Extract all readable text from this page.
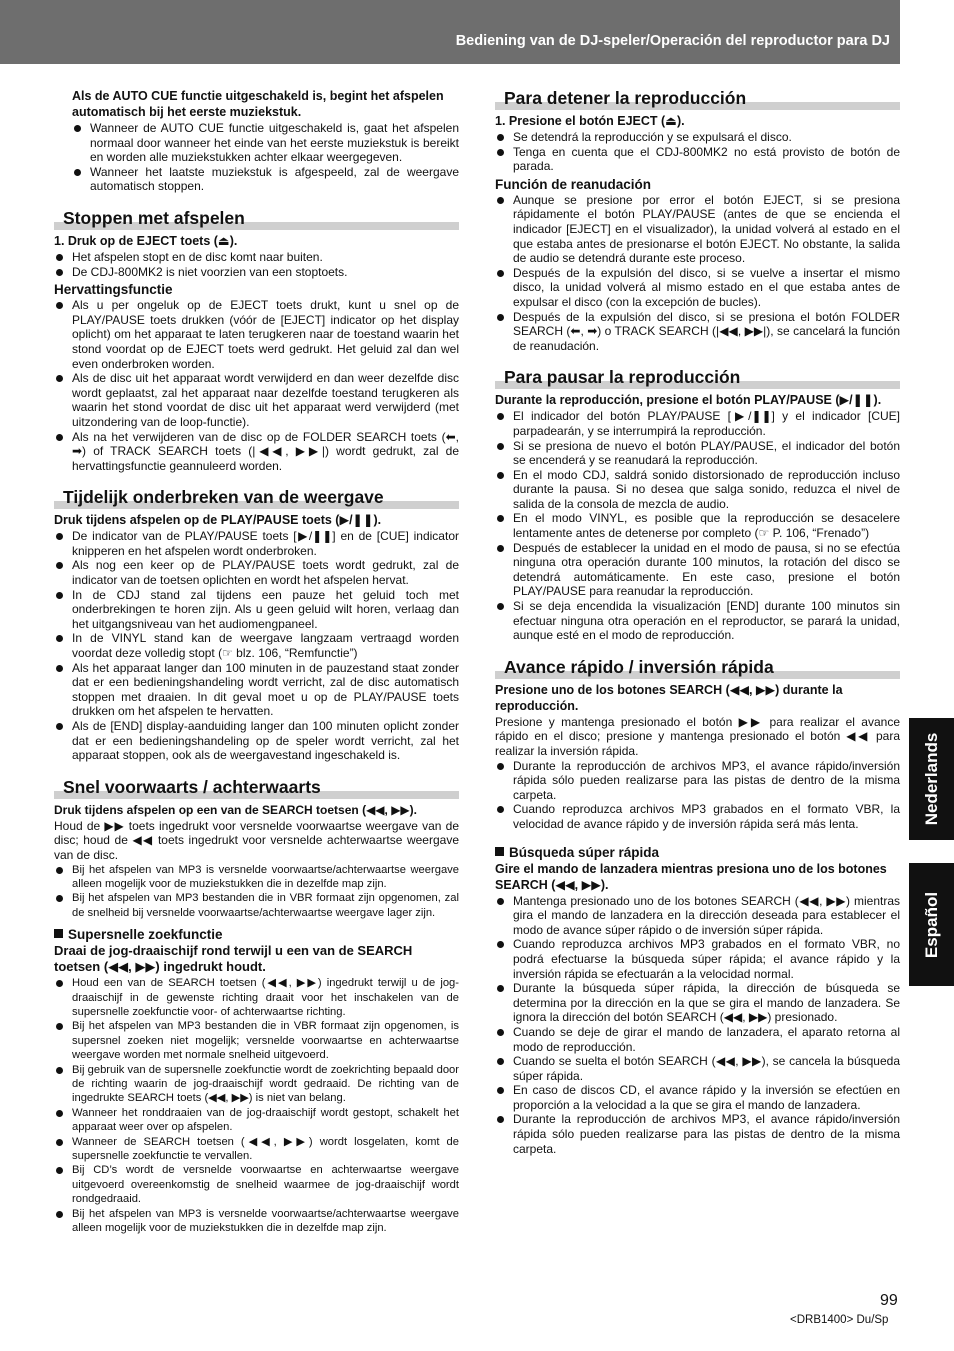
Bediening van de DJ-speler/Operación del reproductor para DJ
Als de AUTO CUE functie uitgeschakeld is, begint het afspelen automatisch bij het eerste muziekstuk.
Wanneer de AUTO CUE functie uitgeschakeld is, gaat het afspelen normaal door wanneer het einde van het eerste muziekstuk is bereikt en worden alle muziekstukken achter elkaar weergegeven.
Wanneer het laatste muziekstuk is afgespeeld, zal de weergave automatisch stoppen.
Stoppen met afspelen
1. Druk op de EJECT toets (⏏).
Het afspelen stopt en de disc komt naar buiten.
De CDJ-800MK2 is niet voorzien van een stoptoets.
Hervattingsfunctie
Als u per ongeluk op de EJECT toets drukt, kunt u snel op de PLAY/PAUSE toets drukken (vóór de [EJECT] indicator op het display oplicht) om het apparaat te laten terugkeren naar de toestand waarin het stond voordat op de EJECT toets werd gedrukt. Het geluid zal dan wel even onderbroken worden.
Als de disc uit het apparaat wordt verwijderd en dan weer dezelfde disc wordt geplaatst, zal het apparaat naar dezelfde toestand terugkeren als waarin het stond voordat de disc uit het apparaat werd verwijderd (met uitzondering van de loop-functie).
Als na het verwijderen van de disc op de FOLDER SEARCH toets (⬅, ➡) of TRACK SEARCH toets (|◀◀, ▶▶|) wordt gedrukt, zal de hervattingsfunctie geannuleerd worden.
Tijdelijk onderbreken van de weergave
Druk tijdens afspelen op de PLAY/PAUSE toets (▶/❚❚).
De indicator van de PLAY/PAUSE toets [▶/❚❚] en de [CUE] indicator knipperen en het afspelen wordt onderbroken.
Als nog een keer op de PLAY/PAUSE toets wordt gedrukt, zal de indicator van de toetsen oplichten en wordt het afspelen hervat.
In de CDJ stand zal tijdens een pauze het geluid toch met onderbrekingen te horen zijn. Als u geen geluid wilt horen, verlaag dan het uitgangsniveau van het audiomengpaneel.
In de VINYL stand kan de weergave langzaam vertraagd worden voordat deze volledig stopt (☞ blz. 106, “Remfunctie”)
Als het apparaat langer dan 100 minuten in de pauzestand staat zonder dat er een bedieningshandeling wordt verricht, zal de disc automatisch stoppen met draaien. In dit geval moet u op de PLAY/PAUSE toets drukken om het afspelen te hervatten.
Als de [END] display-aanduiding langer dan 100 minuten oplicht zonder dat er een bedieningshandeling op de speler wordt verricht, zal het apparaat stoppen, ook als de weergavestand ingeschakeld is.
Snel voorwaarts / achterwaarts
Druk tijdens afspelen op een van de SEARCH toetsen (◀◀, ▶▶).

Houd de ▶▶ toets ingedrukt voor versnelde voorwaartse weergave van de disc; houd de ◀◀ toets ingedrukt voor versnelde achterwaartse weergave van de disc.

Bij het afspelen van MP3 is versnelde voorwaartse/achterwaartse weergave alleen mogelijk voor de muziekstukken die in dezelfde map zijn.
Bij het afspelen van MP3 bestanden die in VBR formaat zijn opgenomen, zal de snelheid bij versnelde voorwaartse/achterwaartse weergave lager zijn.
Supersnelle zoekfunctie
Draai de jog-draaischijf rond terwijl u een van de SEARCH toetsen (◀◀, ▶▶) ingedrukt houdt.
Houd een van de SEARCH toetsen (◀◀, ▶▶) ingedrukt terwijl u de jog-draaischijf in de gewenste richting draait voor het inschakelen van de supersnelle zoekfunctie voor- of achterwaartse richting.
Bij het afspelen van MP3 bestanden die in VBR formaat zijn opgenomen, is supersnel zoeken niet mogelijk; versnelde voorwaartse en achterwaartse weergave worden met normale snelheid uitgevoerd.
Bij gebruik van de supersnelle zoekfunctie wordt de zoekrichting bepaald door de richting waarin de jog-draaischijf wordt gedraaid. De richting van de ingedrukte SEARCH toets (◀◀, ▶▶) is niet van belang.
Wanneer het ronddraaien van de jog-draaischijf wordt gestopt, schakelt het apparaat weer over op afspelen.
Wanneer de SEARCH toetsen (◀◀, ▶▶) wordt losgelaten, komt de supersnelle zoekfunctie te vervallen.
Bij CD’s wordt de versnelde voorwaartse en achterwaartse weergave uitgevoerd overeenkomstig de snelheid waarmee de jog-draaischijf wordt rondgedraaid.
Bij het afspelen van MP3 is versnelde voorwaartse/achterwaartse weergave alleen mogelijk voor de muziekstukken die in dezelfde map zijn.
Para detener la reproducción
1. Presione el botón EJECT (⏏).
Se detendrá la reproducción y se expulsará el disco.
Tenga en cuenta que el CDJ-800MK2 no está provisto de botón de parada.
Función de reanudación
Aunque se presione por error el botón EJECT, si se presiona rápidamente el botón PLAY/PAUSE (antes de que se encienda el indicador [EJECT] en el visualizador), la unidad volverá al estado en el que estaba antes de presionarse el botón EJECT. No obstante, la salida de audio se detendrá durante este proceso.
Después de la expulsión del disco, si se vuelve a insertar el mismo disco, la unidad volverá al mismo estado en el que estaba antes de expulsar el disco (con la excepción de bucles).
Después de la expulsión del disco, si se presiona el botón FOLDER SEARCH (⬅, ➡) o TRACK SEARCH (|◀◀, ▶▶|), se cancelará la función de reanudación.
Para pausar la reproducción
Durante la reproducción, presione el botón PLAY/PAUSE (▶/❚❚).
El indicador del botón PLAY/PAUSE [▶/❚❚] y el indicador [CUE] parpadearán, y se interrumpirá la reproducción.
Si se presiona de nuevo el botón PLAY/PAUSE, el indicador del botón se encenderá y se reanudará la reproducción.
En el modo CDJ, saldrá sonido distorsionado de reproducción incluso durante la pausa. Si no desea que salga sonido, reduzca el nivel de salida de la consola de mezcla de audio.
En el modo VINYL, es posible que la reproducción se desacelere lentamente antes de detenerse por completo (☞ P. 106, “Frenado”)
Después de establecer la unidad en el modo de pausa, si no se efectúa ninguna otra operación durante 100 minutos, la rotación del disco se detendrá automáticamente. En este caso, presione el botón PLAY/PAUSE para reanudar la reproducción.
Si se deja encendida la visualización [END] durante 100 minutos sin efectuar ninguna otra operación en el reproductor, se parará la unidad, aunque esté en el modo de reproducción.
Avance rápido / inversión rápida
Presione uno de los botones SEARCH (◀◀, ▶▶) durante la reproducción.

Presione y mantenga presionado el botón ▶▶ para realizar el avance rápido en el disco; presione y mantenga presionado el botón ◀◀ para realizar la inversión rápida.

Durante la reproducción de archivos MP3, el avance rápido/inversión rápida sólo pueden realizarse para las pistas de dentro de la misma carpeta.
Cuando reproduzca archivos MP3 grabados en el formato VBR, la velocidad de avance rápido y de inversión rápida será más lenta.
Búsqueda súper rápida
Gire el mando de lanzadera mientras presiona uno de los botones SEARCH (◀◀, ▶▶).
Mantenga presionado uno de los botones SEARCH (◀◀, ▶▶) mientras gira el mando de lanzadera en la dirección deseada para establecer el modo de avance súper rápido o de inversión súper rápida.
Cuando reproduzca archivos MP3 grabados en el formato VBR, no podrá efectuarse la búsqueda súper rápida; el avance rápido y la inversión rápida se efectuarán a la velocidad normal.
Durante la búsqueda súper rápida, la dirección de búsqueda se determina por la dirección en la que se gira el mando de lanzadera. Se ignora la dirección del botón SEARCH (◀◀, ▶▶) presionado.
Cuando se deje de girar el mando de lanzadera, el aparato retorna al modo de reproducción.
Cuando se suelta el botón SEARCH (◀◀, ▶▶), se cancela la búsqueda súper rápida.
En caso de discos CD, el avance rápido y la inversión se efectúen en proporción a la velocidad a la que se gira el mando de lanzadera.
Durante la reproducción de archivos MP3, el avance rápido/inversión rápida sólo pueden realizarse para las pistas de dentro de la misma carpeta.
Nederlands
Español
99
<DRB1400> Du/Sp
